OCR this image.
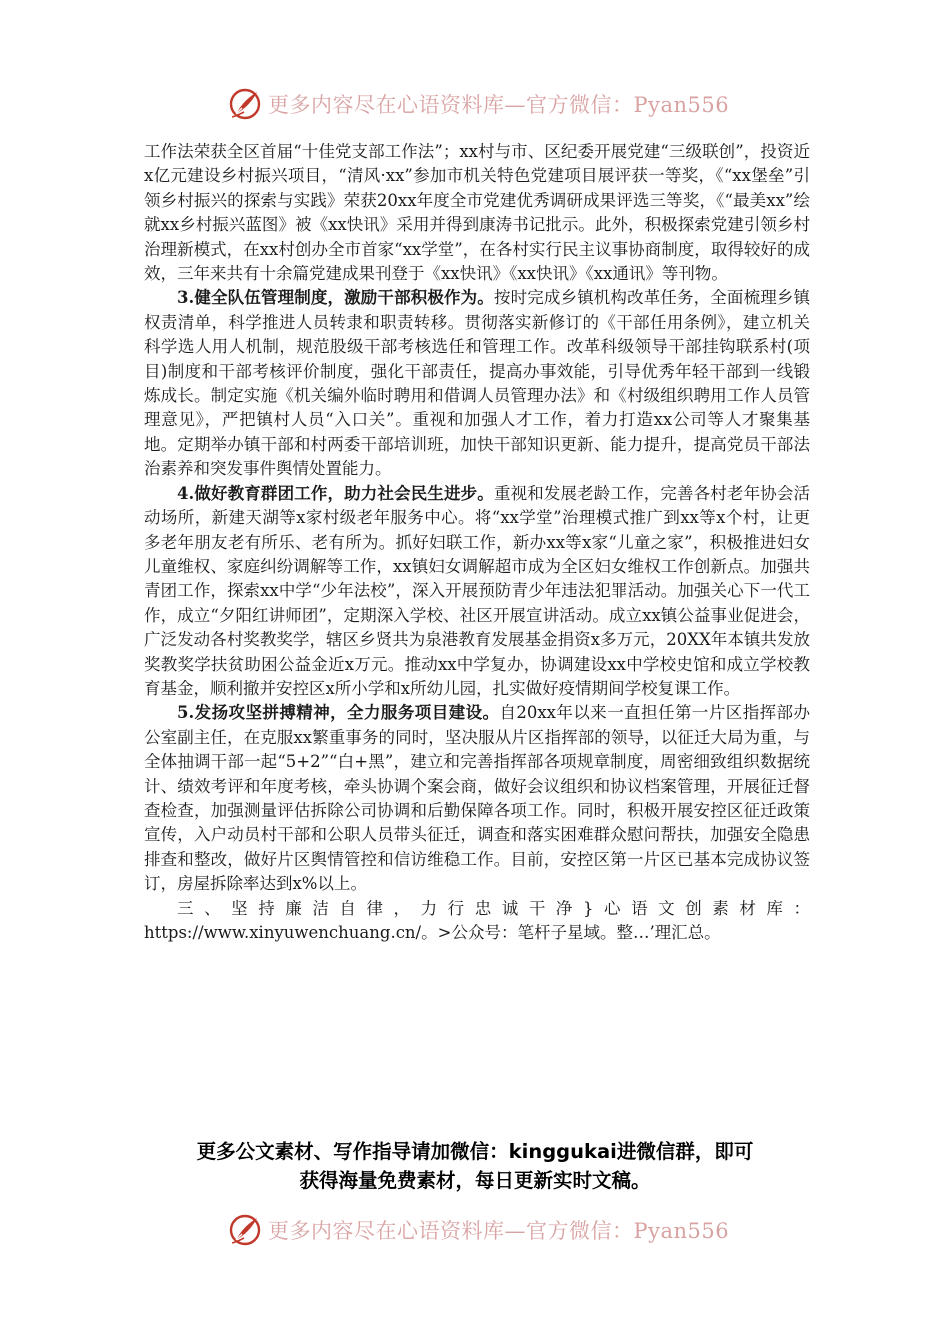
更多内容尽在心语资料库—官方微信：Pyan556

工作法荣获全区首届“十佳党支部工作法”；xx村与市、区纪委开展党建“三级联创”，投资近x亿元建设乡村振兴项目，“清风·xx”参加市机关特色党建项目展评获一等奖，《“xx堡垒”引领乡村振兴的探索与实践》荣获20xx年度全市党建优秀调研成果评选三等奖，《“最美xx”绘就xx乡村振兴蓝图》被《xx快讯》采用并得到康涛书记批示。此外，积极探索党建引领乡村治理新模式，在xx村创办全市首家“xx学堂”，在各村实行民主议事协商制度，取得较好的成效，三年来共有十余篇党建成果刊登于《xx快讯》《xx快讯》《xx通讯》等刊物。

3.健全队伍管理制度，激励干部积极作为。按时完成乡镇机构改革任务，全面梳理乡镇权责清单，科学推进人员转隶和职责转移。贯彻落实新修订的《干部任用条例》，建立机关科学选人用人机制，规范股级干部考核选任和管理工作。改革科级领导干部挂钩联系村(项目)制度和干部考核评价制度，强化干部责任，提高办事效能，引导优秀年轻干部到一线锻炼成长。制定实施《机关编外临时聘用和借调人员管理办法》和《村级组织聘用工作人员管理意见》，严把镇村人员“入口关”。重视和加强人才工作，着力打造xx公司等人才聚集基地。定期举办镇干部和村两委干部培训班，加快干部知识更新、能力提升，提高党员干部法治素养和突发事件舆情处置能力。

4.做好教育群团工作，助力社会民生进步。重视和发展老龄工作，完善各村老年协会活动场所，新建天湖等x家村级老年服务中心。将“xx学堂”治理模式推广到xx等x个村，让更多老年朋友老有所乐、老有所为。抓好妇联工作，新办xx等x家“儿童之家”，积极推进妇女儿童维权、家庭纠纷调解等工作，xx镇妇女调解超市成为全区妇女维权工作创新点。加强共青团工作，探索xx中学“少年法校”，深入开展预防青少年违法犯罪活动。加强关心下一代工作，成立“夕阳红讲师团”，定期深入学校、社区开展宣讲活动。成立xx镇公益事业促进会，广泛发动各村奖教奖学，辖区乡贤共为泉港教育发展基金捐资x多万元，20XX年本镇共发放奖教奖学扶贫助困公益金近x万元。推动xx中学复办，协调建设xx中学校史馆和成立学校教育基金，顺利撤并安控区x所小学和x所幼儿园，扎实做好疫情期间学校复课工作。

5.发扬攻坚拼搏精神，全力服务项目建设。自20xx年以来一直担任第一片区指挥部办公室副主任，在克服xx繁重事务的同时，坚决服从片区指挥部的领导，以征迁大局为重，与全体抽调干部一起“5+2”“白+黑”，建立和完善指挥部各项规章制度，周密细致组织数据统计、绩效考评和年度考核，牵头协调个案会商，做好会议组织和协议档案管理，开展征迁督查检查，加强测量评估拆除公司协调和后勤保障各项工作。同时，积极开展安控区征迁政策宣传，入户动员村干部和公职人员带头征迁，调查和落实困难群众慰问帮扶，加强安全隐患排查和整改，做好片区舆情管控和信访维稳工作。目前，安控区第一片区已基本完成协议签订，房屋拆除率达到x%以上。

三、坚持廉洁自律，力行忠诚干净}心语文创素材库：https://www.xinyuwenchuang.cn/。>公众号：笔杆子星域。整…’理汇总。

更多公文素材、写作指导请加微信：kinggukai进微信群，即可
获得海量免费素材，每日更新实时文稿。
更多内容尽在心语资料库—官方微信：Pyan556
